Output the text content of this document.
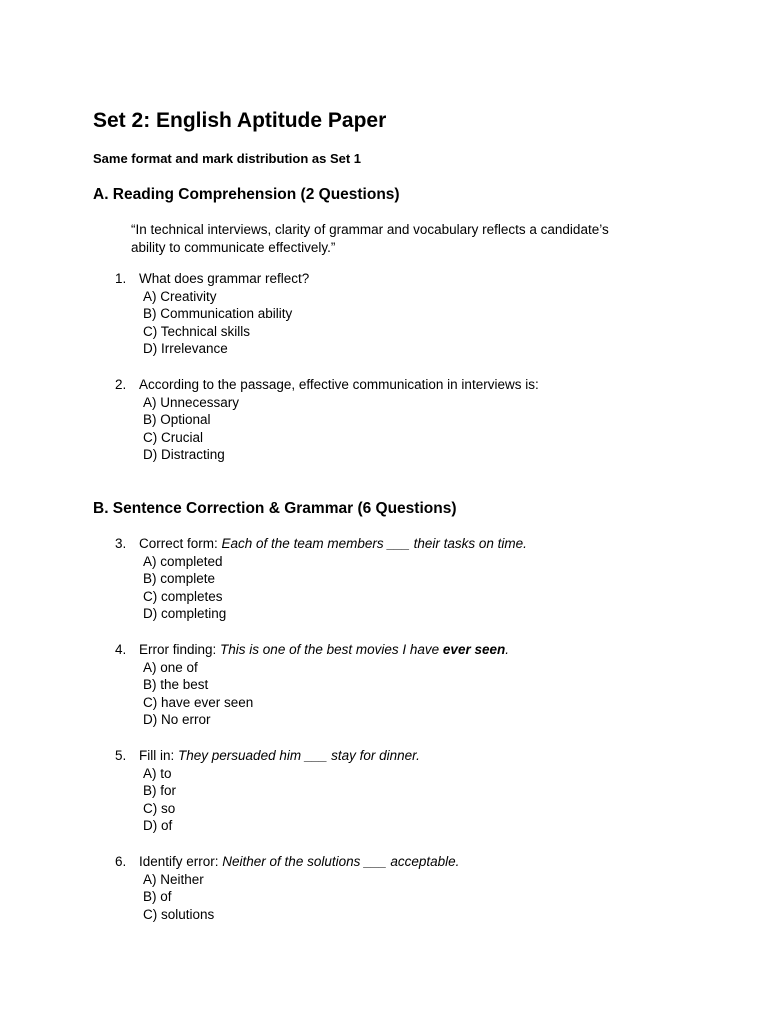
Set 2: English Aptitude Paper

Same format and mark distribution as Set 1

A. Reading Comprehension (2 Questions)
“In technical interviews, clarity of grammar and vocabulary reflects a candidate’s
ability to communicate effectively.”
1. What does grammar reflect?
A) Creativity
B) Communication ability
C) Technical skills
D) Irrelevance
2. According to the passage, effective communication in interviews is:
A) Unnecessary
B) Optional
C) Crucial
D) Distracting
B. Sentence Correction & Grammar (6 Questions)
3. Correct form: Each of the team members ___ their tasks on time.
A) completed
B) complete
C) completes
D) completing
4. Error finding: This is one of the best movies I have ever seen.
A) one of
B) the best
C) have ever seen
D) No error
5. Fill in: They persuaded him ___ stay for dinner.
A) to
B) for
C) so
D) of
6. Identify error: Neither of the solutions ___ acceptable.
A) Neither
B) of
C) solutions
